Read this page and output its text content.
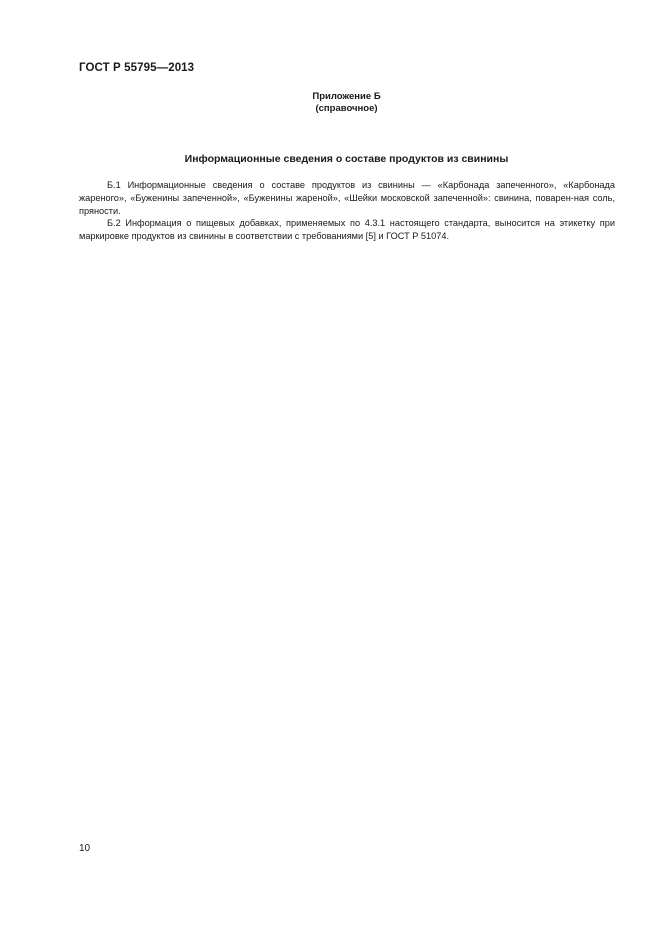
ГОСТ Р 55795—2013
Приложение Б
(справочное)
Информационные сведения о составе продуктов из свинины

Б.1 Информационные сведения о составе продуктов из свинины — «Карбонада запеченного», «Карбонада жареного», «Буженины запеченной», «Буженины жареной», «Шейки московской запеченной»: свинина, поварен-ная соль, пряности.

Б.2 Информация о пищевых добавках, применяемых по 4.3.1 настоящего стандарта, выносится на этикетку при маркировке продуктов из свинины в соответствии с требованиями [5] и ГОСТ Р 51074.

10
